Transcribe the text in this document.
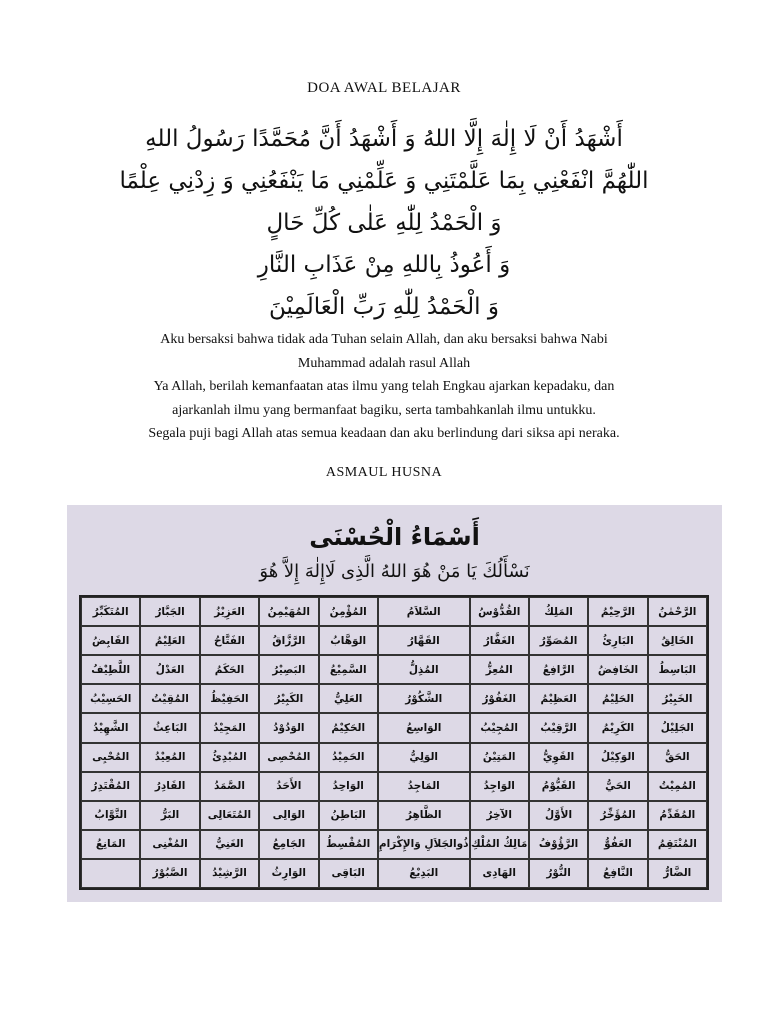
DOA AWAL BELAJAR
أَشْهَدُ أَنْ لَا إِلٰهَ إِلَّا اللهُ وَ أَشْهَدُ أَنَّ مُحَمَّدًا رَسُولُ اللهِ
اللّٰهُمَّ انْفَعْنِي بِمَا عَلَّمْتَنِي وَ عَلِّمْنِي مَا يَنْفَعُنِي وَ زِدْنِي عِلْمًا
وَ الْحَمْدُ لِلّٰهِ عَلٰى كُلِّ حَالٍ
وَ أَعُوذُ بِاللهِ مِنْ عَذَابِ النَّارِ
وَ الْحَمْدُ لِلّٰهِ رَبِّ الْعَالَمِيْنَ
Aku bersaksi bahwa tidak ada Tuhan selain Allah, dan aku bersaksi bahwa Nabi
Muhammad adalah rasul Allah
Ya Allah, berilah kemanfaatan atas ilmu yang telah Engkau ajarkan kepadaku, dan
ajarkanlah ilmu yang bermanfaat bagiku, serta tambahkanlah ilmu untukku.
Segala puji bagi Allah atas semua keadaan dan aku berlindung dari siksa api neraka.
ASMAUL HUSNA
أَسْمَاءُ الْحُسْنَى
نَسْأَلُكَ يَا مَنْ هُوَ اللهُ الَّذِى لَاإِلٰهَ إِلاَّ هُوَ
الرَّحْمٰنُ
الرَّحِيْمُ
المَلِكُ
القُدُّوْسُ
السَّلاَمُ
المُؤْمِنُ
المُهَيْمِنُ
العَزِيْزُ
الجَبَّارُ
المُتَكَبِّرُ
الخَالِقُ
البَارِئُ
المُصَوِّرُ
الغَفَّارُ
القَهَّارُ
الوَهَّابُ
الرَّزَّاقُ
الفَتَّاحُ
العَلِيْمُ
القَابِضُ
البَاسِطُ
الخَافِضُ
الرَّافِعُ
المُعِزُّ
المُذِلُّ
السَّمِيْعُ
البَصِيْرُ
الحَكَمُ
العَدْلُ
اللَّطِيْفُ
الخَبِيْرُ
الحَلِيْمُ
العَظِيْمُ
الغَفُوْرُ
الشَّكُوْرُ
العَلِيُّ
الكَبِيْرُ
الحَفِيْظُ
المُقِيْتُ
الحَسِيْبُ
الجَلِيْلُ
الكَرِيْمُ
الرَّقِيْبُ
المُجِيْبُ
الوَاسِعُ
الحَكِيْمُ
الوَدُوْدُ
المَجِيْدُ
البَاعِثُ
الشَّهِيْدُ
الحَقُّ
الوَكِيْلُ
القَوِيُّ
المَتِيْنُ
الوَلِيُّ
الحَمِيْدُ
المُحْصِى
المُبْدِئُ
المُعِيْدُ
المُحْيِى
المُمِيْتُ
الحَيُّ
القَيُّوْمُ
الوَاجِدُ
المَاجِدُ
الوَاحِدُ
الأَحَدُ
الصَّمَدُ
القَادِرُ
المُقْتَدِرُ
المُقَدِّمُ
المُؤَخِّرُ
الأَوَّلُ
الآخِرُ
الظَّاهِرُ
البَاطِنُ
الوَالِى
المُتَعَالِى
البَرُّ
التَّوَّابُ
المُنْتَقِمُ
العَفُوُّ
الرَّؤُوْفُ
مَالِكُ المُلْكِ
ذُوالجَلاَلِ وَالإِكْرَامِ
المُقْسِطُ
الجَامِعُ
الغَنِيُّ
المُغْنِى
المَانِعُ
الضَّارُّ
النَّافِعُ
النُّوْرُ
الهَادِى
البَدِيْعُ
البَاقِى
الوَارِثُ
الرَّشِيْدُ
الصَّبُوْرُ
